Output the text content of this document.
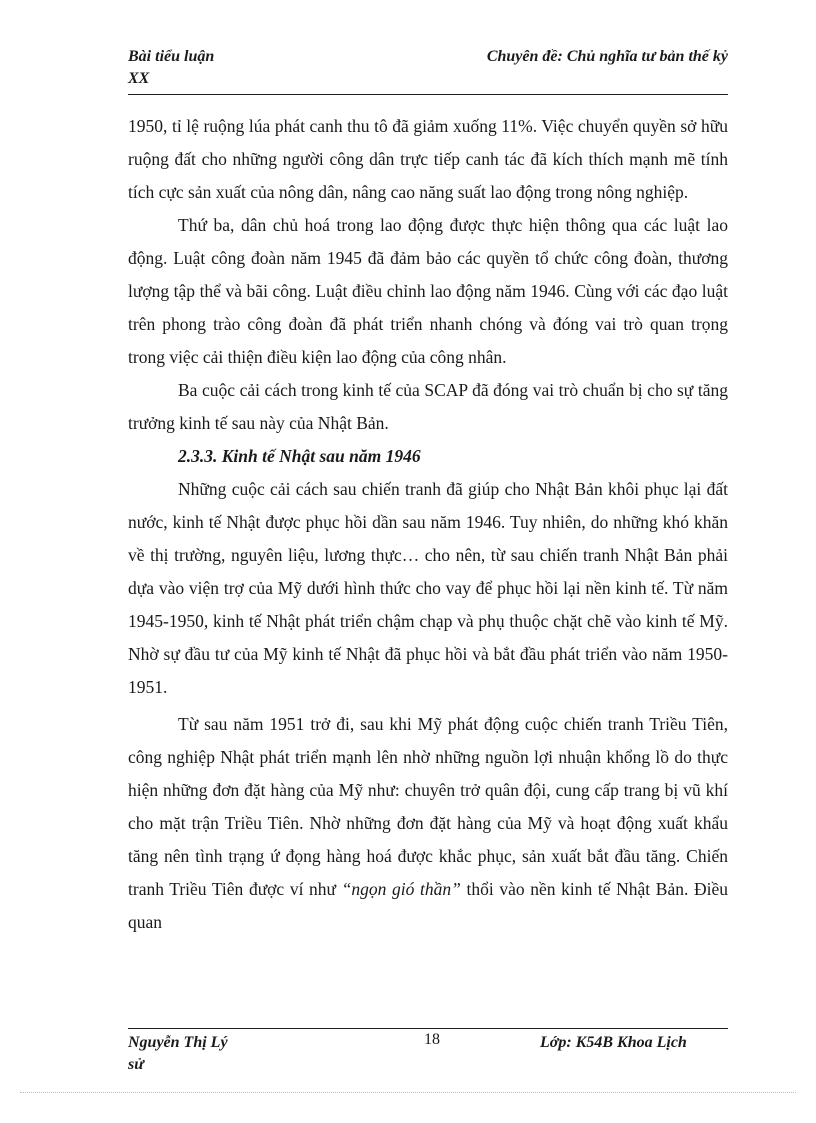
Bài tiểu luận
XX
Chuyên đề: Chủ nghĩa tư bản thế kỷ

1950, tỉ lệ ruộng lúa phát canh thu tô đã giảm xuống 11%. Việc chuyển quyền sở hữu ruộng đất cho những người công dân trực tiếp canh tác đã kích thích mạnh mẽ tính tích cực sản xuất của nông dân, nâng cao năng suất lao động trong nông nghiệp.

Thứ ba, dân chủ hoá trong lao động được thực hiện thông qua các luật lao động. Luật công đoàn năm 1945 đã đảm bảo các quyền tổ chức công đoàn, thương lượng tập thể và bãi công. Luật điều chỉnh lao động năm 1946. Cùng với các đạo luật trên phong trào công đoàn đã phát triển nhanh chóng và đóng vai trò quan trọng trong việc cải thiện điều kiện lao động của công nhân.

Ba cuộc cải cách trong kinh tế của SCAP đã đóng vai trò chuẩn bị cho sự tăng trưởng kinh tế sau này của Nhật Bản.

2.3.3. Kinh tế Nhật sau năm 1946

Những cuộc cải cách sau chiến tranh đã giúp cho Nhật Bản khôi phục lại đất nước, kinh tế Nhật được phục hồi dần sau năm 1946. Tuy nhiên, do những khó khăn về thị trường, nguyên liệu, lương thực… cho nên, từ sau chiến tranh Nhật Bản phải dựa vào viện trợ của Mỹ dưới hình thức cho vay để phục hồi lại nền kinh tế. Từ năm 1945-1950, kinh tế Nhật phát triển chậm chạp và phụ thuộc chặt chẽ vào kinh tế Mỹ. Nhờ sự đầu tư của Mỹ kinh tế Nhật đã phục hồi và bắt đầu phát triển vào năm 1950-1951.

Từ sau năm 1951 trở đi, sau khi Mỹ phát động cuộc chiến tranh Triều Tiên, công nghiệp Nhật phát triển mạnh lên nhờ những nguồn lợi nhuận khổng lồ do thực hiện những đơn đặt hàng của Mỹ như: chuyên trở quân đội, cung cấp trang bị vũ khí cho mặt trận Triều Tiên. Nhờ những đơn đặt hàng của Mỹ và hoạt động xuất khẩu tăng nên tình trạng ứ đọng hàng hoá được khắc phục, sản xuất bắt đầu tăng. Chiến tranh Triều Tiên được ví như “ngọn gió thần” thổi vào nền kinh tế Nhật Bản. Điều quan

Nguyễn Thị Lý	18	Lớp: K54B Khoa Lịch
sử
